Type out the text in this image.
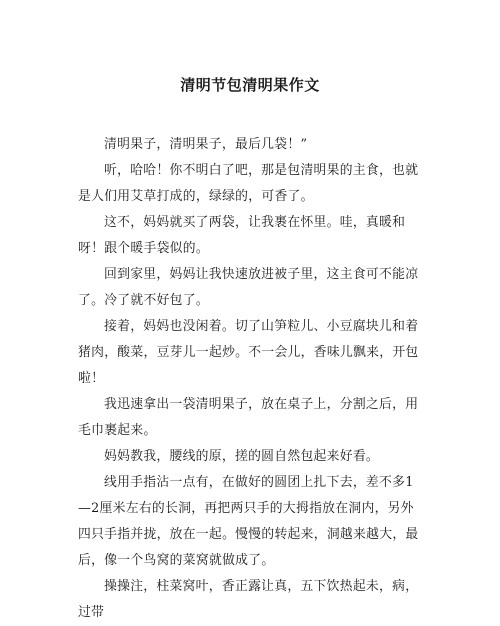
清明节包清明果作文

清明果子，清明果子，最后几袋！”

听，哈哈！你不明白了吧，那是包清明果的主食，也就是人们用艾草打成的，绿绿的，可香了。

这不，妈妈就买了两袋，让我裹在怀里。哇，真暖和呀！跟个暖手袋似的。

回到家里，妈妈让我快速放进被子里，这主食可不能凉了。冷了就不好包了。

接着，妈妈也没闲着。切了山笋粒儿、小豆腐块儿和着猪肉，酸菜，豆芽儿一起炒。不一会儿，香味儿飘来，开包啦！

我迅速拿出一袋清明果子，放在桌子上，分割之后，用毛巾裹起来。

妈妈教我，腰线的原，搓的圆自然包起来好看。

线用手指沾一点有，在做好的圆团上扎下去，差不多1—2厘米左右的长洞，再把两只手的大拇指放在洞内，另外四只手指并拢，放在一起。慢慢的转起来，洞越来越大，最后，像一个鸟窝的菜窝就做成了。

操操注，柱菜窝叶，香正露让真，五下饮热起未，病，过带
